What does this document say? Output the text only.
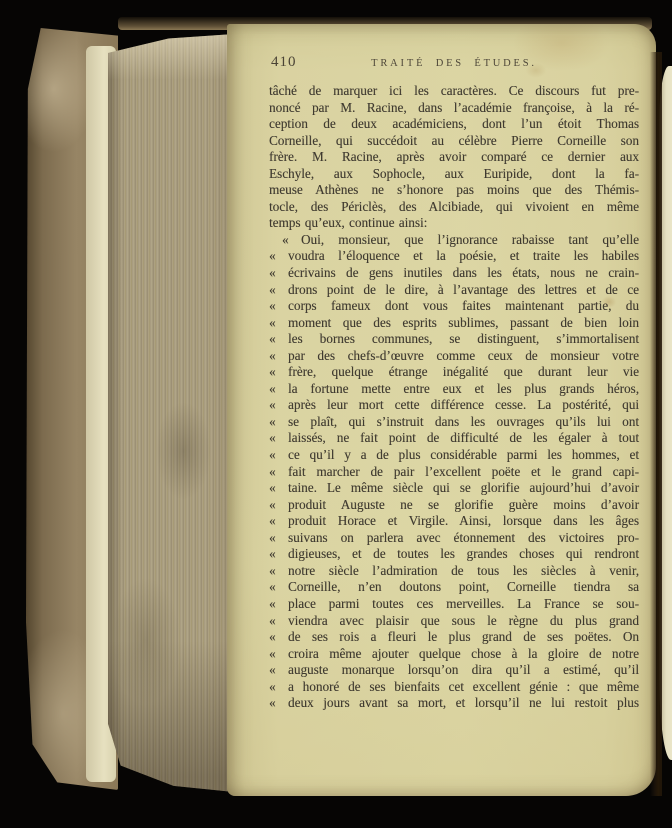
410	TRAITÉ DES ÉTUDES.
tâché de marquer ici les caractères. Ce discours fut pre-
noncé par M. Racine, dans l’académie françoise, à la ré-
ception de deux académiciens, dont l’un étoit Thomas
Corneille, qui succédoit au célèbre Pierre Corneille son
frère. M. Racine, après avoir comparé ce dernier aux
Eschyle, aux Sophocle, aux Euripide, dont la fa-
meuse Athènes ne s’honore pas moins que des Thémis-
tocle, des Périclès, des Alcibiade, qui vivoient en même
temps qu’eux, continue ainsi:
« Oui, monsieur, que l’ignorance rabaisse tant qu’elle
« voudra l’éloquence et la poésie, et traite les habiles
« écrivains de gens inutiles dans les états, nous ne crain-
« drons point de le dire, à l’avantage des lettres et de ce
« corps fameux dont vous faites maintenant partie, du
« moment que des esprits sublimes, passant de bien loin
« les bornes communes, se distinguent, s’immortalisent
« par des chefs-d’œuvre comme ceux de monsieur votre
« frère, quelque étrange inégalité que durant leur vie
« la fortune mette entre eux et les plus grands héros,
« après leur mort cette différence cesse. La postérité, qui
« se plaît, qui s’instruit dans les ouvrages qu’ils lui ont
« laissés, ne fait point de difficulté de les égaler à tout
« ce qu’il y a de plus considérable parmi les hommes, et
« fait marcher de pair l’excellent poëte et le grand capi-
« taine. Le même siècle qui se glorifie aujourd’hui d’avoir
« produit Auguste ne se glorifie guère moins d’avoir
« produit Horace et Virgile. Ainsi, lorsque dans les âges
« suivans on parlera avec étonnement des victoires pro-
« digieuses, et de toutes les grandes choses qui rendront
« notre siècle l’admiration de tous les siècles à venir,
« Corneille, n’en doutons point, Corneille tiendra sa
« place parmi toutes ces merveilles. La France se sou-
« viendra avec plaisir que sous le règne du plus grand
« de ses rois a fleuri le plus grand de ses poëtes. On
« croira même ajouter quelque chose à la gloire de notre
« auguste monarque lorsqu’on dira qu’il a estimé, qu’il
« a honoré de ses bienfaits cet excellent génie : que même
« deux jours avant sa mort, et lorsqu’il ne lui restoit plus
